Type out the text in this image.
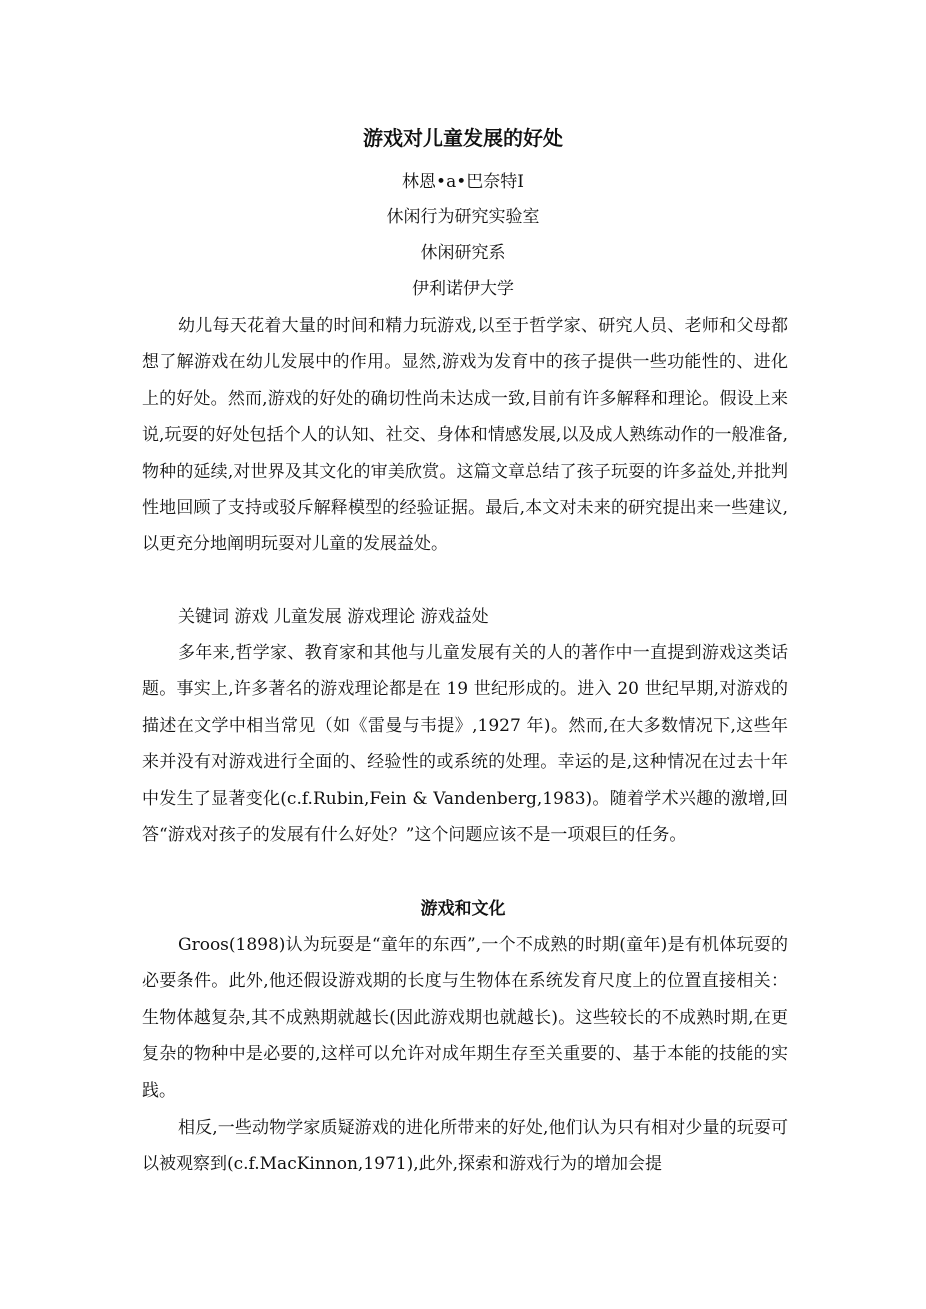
游戏对儿童发展的好处
林恩•a•巴奈特Ⅰ
休闲行为研究实验室
休闲研究系
伊利诺伊大学

幼儿每天花着大量的时间和精力玩游戏,以至于哲学家、研究人员、老师和父母都想了解游戏在幼儿发展中的作用。显然,游戏为发育中的孩子提供一些功能性的、进化上的好处。然而,游戏的好处的确切性尚未达成一致,目前有许多解释和理论。假设上来说,玩耍的好处包括个人的认知、社交、身体和情感发展,以及成人熟练动作的一般准备,物种的延续,对世界及其文化的审美欣赏。这篇文章总结了孩子玩耍的许多益处,并批判性地回顾了支持或驳斥解释模型的经验证据。最后,本文对未来的研究提出来一些建议,以更充分地阐明玩耍对儿童的发展益处。

关键词 游戏 儿童发展 游戏理论 游戏益处

多年来,哲学家、教育家和其他与儿童发展有关的人的著作中一直提到游戏这类话题。事实上,许多著名的游戏理论都是在 19 世纪形成的。进入 20 世纪早期,对游戏的描述在文学中相当常见（如《雷曼与韦提》,1927 年)。然而,在大多数情况下,这些年来并没有对游戏进行全面的、经验性的或系统的处理。幸运的是,这种情况在过去十年中发生了显著变化(c.f.Rubin,Fein & Vandenberg,1983)。随着学术兴趣的激增,回答“游戏对孩子的发展有什么好处？”这个问题应该不是一项艰巨的任务。

游戏和文化

Groos(1898)认为玩耍是“童年的东西”,一个不成熟的时期(童年)是有机体玩耍的必要条件。此外,他还假设游戏期的长度与生物体在系统发育尺度上的位置直接相关：生物体越复杂,其不成熟期就越长(因此游戏期也就越长)。这些较长的不成熟时期,在更复杂的物种中是必要的,这样可以允许对成年期生存至关重要的、基于本能的技能的实践。

相反,一些动物学家质疑游戏的进化所带来的好处,他们认为只有相对少量的玩耍可以被观察到(c.f.MacKinnon,1971),此外,探索和游戏行为的增加会提
